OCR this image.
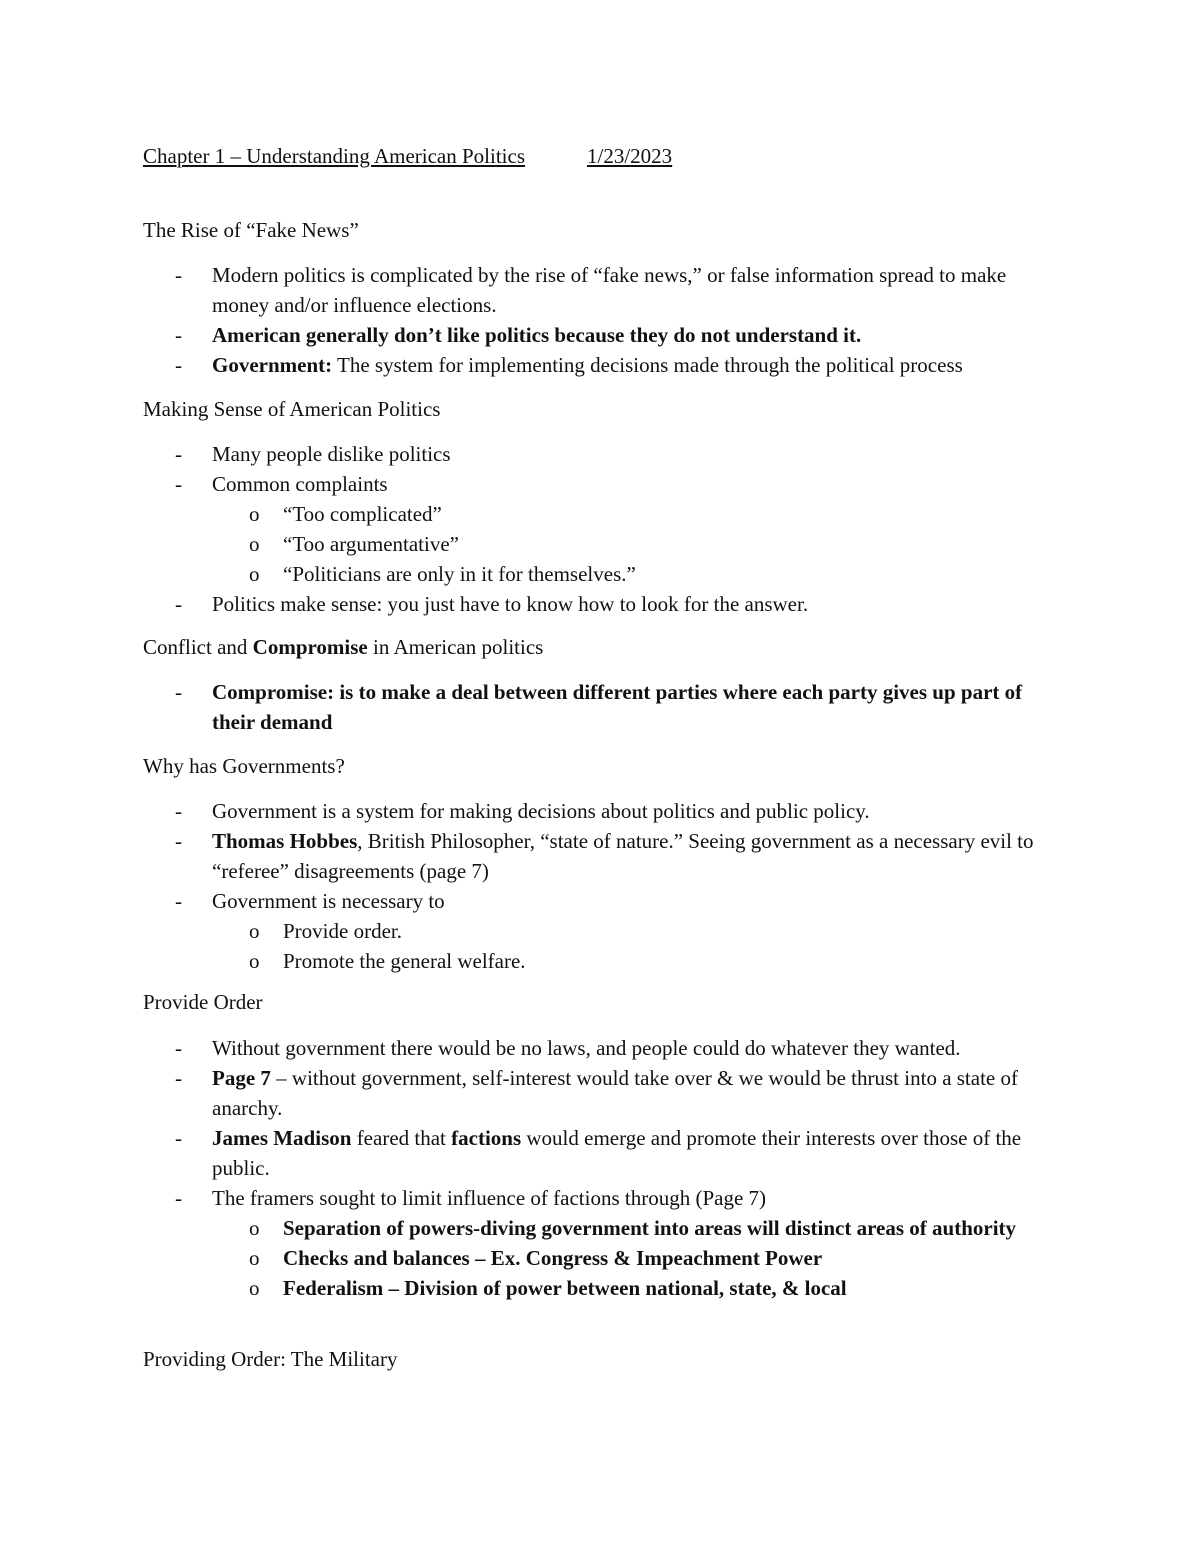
Chapter 1 – Understanding American Politics	1/23/2023
The Rise of “Fake News”
- Modern politics is complicated by the rise of “fake news,” or false information spread to make money and/or influence elections.
- American generally don’t like politics because they do not understand it.
- Government: The system for implementing decisions made through the political process
Making Sense of American Politics
- Many people dislike politics
- Common complaints
o “Too complicated”
o “Too argumentative”
o “Politicians are only in it for themselves.”
- Politics make sense: you just have to know how to look for the answer.
Conflict and Compromise in American politics
- Compromise: is to make a deal between different parties where each party gives up part of their demand
Why has Governments?
- Government is a system for making decisions about politics and public policy.
- Thomas Hobbes, British Philosopher, “state of nature.” Seeing government as a necessary evil to “referee” disagreements (page 7)
- Government is necessary to
o Provide order.
o Promote the general welfare.
Provide Order
- Without government there would be no laws, and people could do whatever they wanted.
- Page 7 – without government, self-interest would take over & we would be thrust into a state of anarchy.
- James Madison feared that factions would emerge and promote their interests over those of the public.
- The framers sought to limit influence of factions through (Page 7)
o Separation of powers-diving government into areas will distinct areas of authority
o Checks and balances – Ex. Congress & Impeachment Power
o Federalism – Division of power between national, state, & local
Providing Order: The Military
